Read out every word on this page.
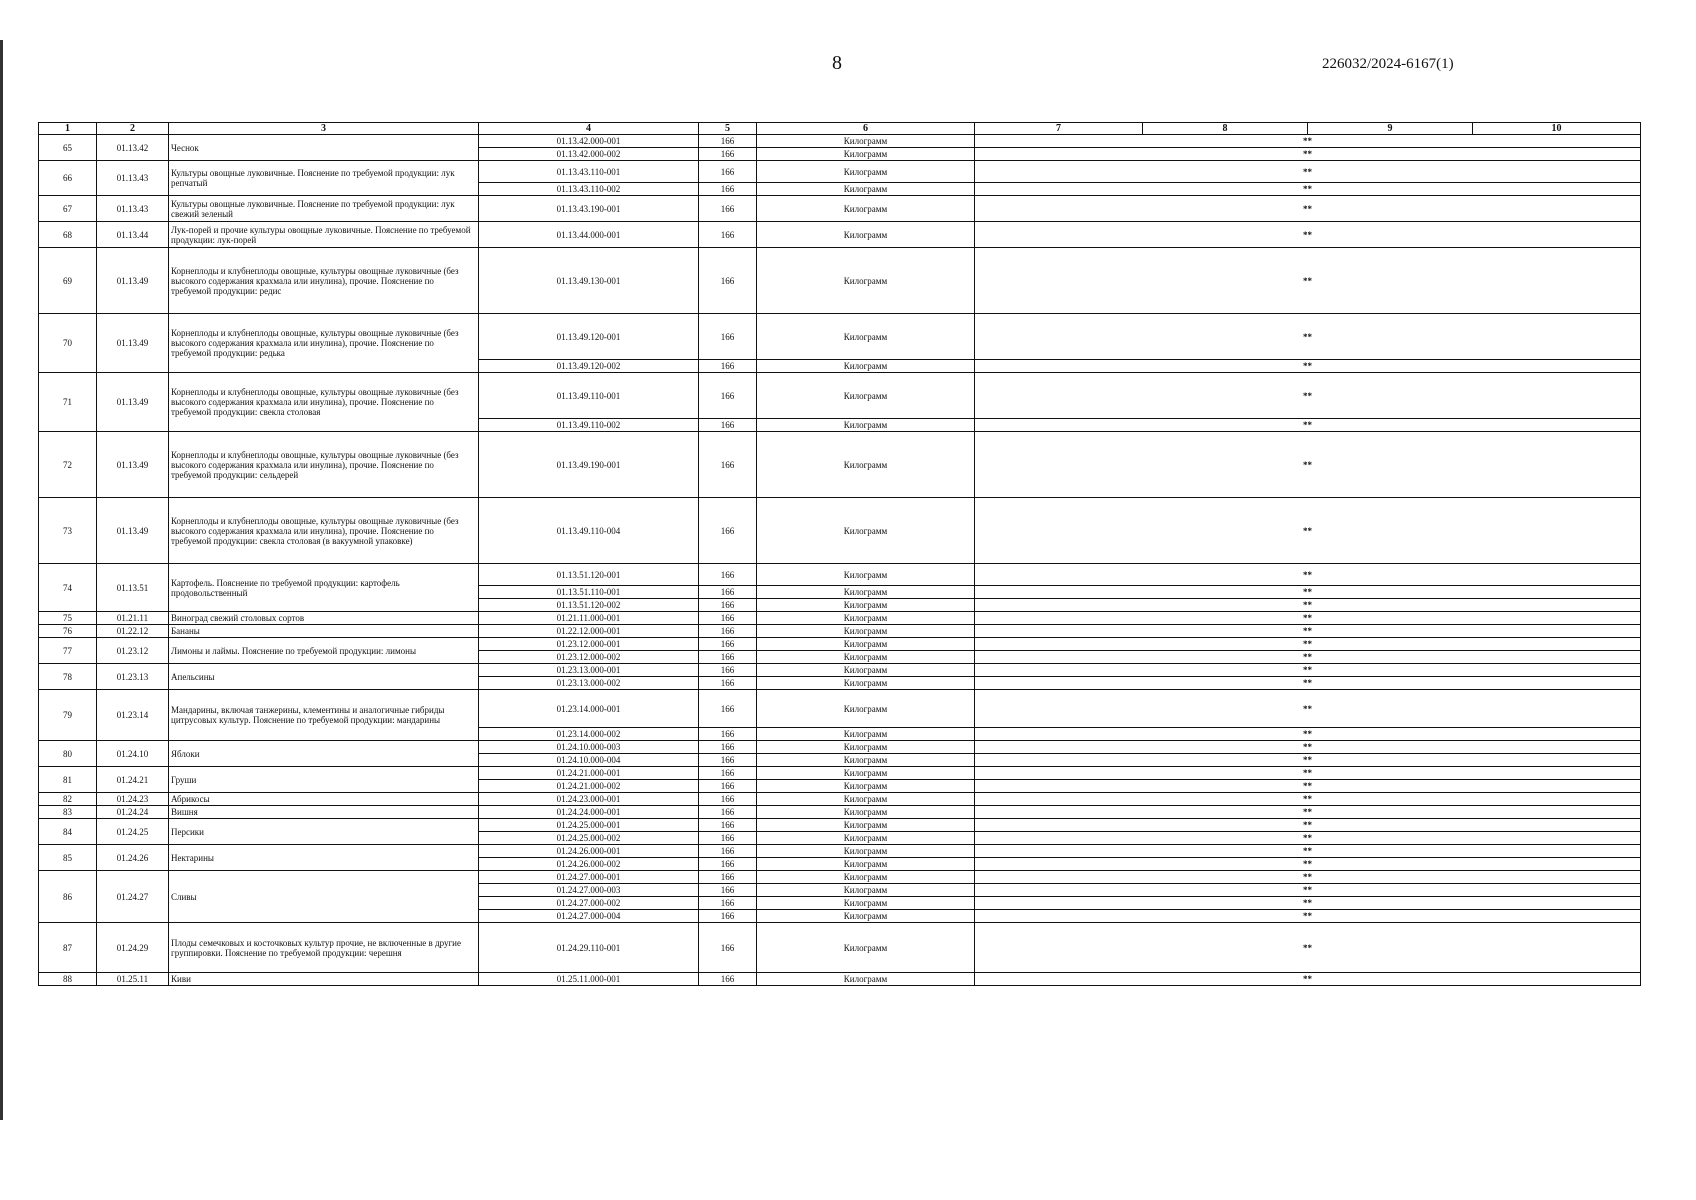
8	226032/2024-6167(1)
1	2	3	4	5	6	7	8	9	10
65	01.13.42	Чеснок	01.13.42.000-001	166	Килограмм	**			
			01.13.42.000-002	166	Килограмм	**			
66	01.13.43	Культуры овощные луковичные. Пояснение по требуемой продукции: лук репчатый	01.13.43.110-001	166	Килограмм	**			
			01.13.43.110-002	166	Килограмм	**			
67	01.13.43	Культуры овощные луковичные. Пояснение по требуемой продукции: лук свежий зеленый	01.13.43.190-001	166	Килограмм	**			
68	01.13.44	Лук-порей и прочие культуры овощные луковичные. Пояснение по требуемой продукции: лук-порей	01.13.44.000-001	166	Килограмм	**			
69	01.13.49	Корнеплоды и клубнеплоды овощные, культуры овощные луковичные (без высокого содержания крахмала или инулина), прочие. Пояснение по требуемой продукции: редис	01.13.49.130-001	166	Килограмм	**			
70	01.13.49	Корнеплоды и клубнеплоды овощные, культуры овощные луковичные (без высокого содержания крахмала или инулина), прочие. Пояснение по требуемой продукции: редька	01.13.49.120-001	166	Килограмм	**			
			01.13.49.120-002	166	Килограмм	**			
71	01.13.49	Корнеплоды и клубнеплоды овощные, культуры овощные луковичные (без высокого содержания крахмала или инулина), прочие. Пояснение по требуемой продукции: свекла столовая	01.13.49.110-001	166	Килограмм	**			
			01.13.49.110-002	166	Килограмм	**			
72	01.13.49	Корнеплоды и клубнеплоды овощные, культуры овощные луковичные (без высокого содержания крахмала или инулина), прочие. Пояснение по требуемой продукции: сельдерей	01.13.49.190-001	166	Килограмм	**			
73	01.13.49	Корнеплоды и клубнеплоды овощные, культуры овощные луковичные (без высокого содержания крахмала или инулина), прочие. Пояснение по требуемой продукции: свекла столовая (в вакуумной упаковке)	01.13.49.110-004	166	Килограмм	**			
74	01.13.51	Картофель. Пояснение по требуемой продукции: картофель продовольственный	01.13.51.120-001	166	Килограмм	**			
			01.13.51.110-001	166	Килограмм	**			
			01.13.51.120-002	166	Килограмм	**			
75	01.21.11	Виноград свежий столовых сортов	01.21.11.000-001	166	Килограмм	**			
76	01.22.12	Бананы	01.22.12.000-001	166	Килограмм	**			
77	01.23.12	Лимоны и лаймы. Пояснение по требуемой продукции: лимоны	01.23.12.000-001	166	Килограмм	**			
			01.23.12.000-002	166	Килограмм	**			
78	01.23.13	Апельсины	01.23.13.000-001	166	Килограмм	**			
			01.23.13.000-002	166	Килограмм	**			
79	01.23.14	Мандарины, включая танжерины, клементины и аналогичные гибриды цитрусовых культур. Пояснение по требуемой продукции: мандарины	01.23.14.000-001	166	Килограмм	**			
			01.23.14.000-002	166	Килограмм	**			
80	01.24.10	Яблоки	01.24.10.000-003	166	Килограмм	**			
			01.24.10.000-004	166	Килограмм	**			
81	01.24.21	Груши	01.24.21.000-001	166	Килограмм	**			
			01.24.21.000-002	166	Килограмм	**			
82	01.24.23	Абрикосы	01.24.23.000-001	166	Килограмм	**			
83	01.24.24	Вишня	01.24.24.000-001	166	Килограмм	**			
84	01.24.25	Персики	01.24.25.000-001	166	Килограмм	**			
			01.24.25.000-002	166	Килограмм	**			
85	01.24.26	Нектарины	01.24.26.000-001	166	Килограмм	**			
			01.24.26.000-002	166	Килограмм	**			
86	01.24.27	Сливы	01.24.27.000-001	166	Килограмм	**			
			01.24.27.000-003	166	Килограмм	**			
			01.24.27.000-002	166	Килограмм	**			
			01.24.27.000-004	166	Килограмм	**			
87	01.24.29	Плоды семечковых и косточковых культур прочие, не включенные в другие группировки. Пояснение по требуемой продукции: черешня	01.24.29.110-001	166	Килограмм	**			
88	01.25.11	Киви	01.25.11.000-001	166	Килограмм	**			
